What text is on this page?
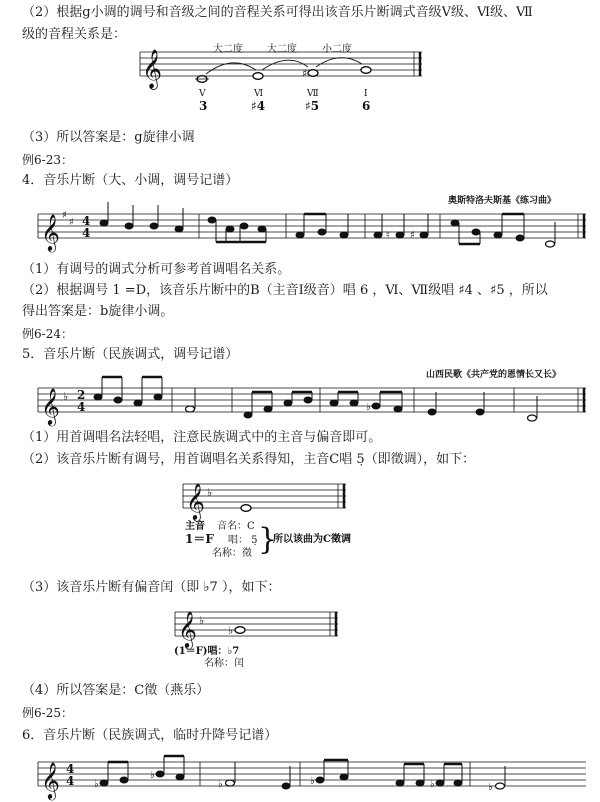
（2）根据g小调的调号和音级之间的音程关系可得出该音乐片断调式音级Ⅴ级、Ⅵ级、Ⅶ
级的音程关系是：
𝄞	大二度 大二度	小二度
♯
Ⅴ	Ⅵ	Ⅶ	Ⅰ
3	♯4	♯5	6
（3）所以答案是：g旋律小调
例6-23：
4．音乐片断（大、小调，调号记谱）
奥斯特洛夫斯基《练习曲》
𝄞 ♯
♯ 4
4	♯
♮
（1）有调号的调式分析可参考首调唱名关系。
（2）根据调号 1 =D，该音乐片断中的B（主音Ⅰ级音）唱 6 ，Ⅵ、Ⅶ级唱 ♯4 、♯5 ，所以
得出答案是：b旋律小调。
例6-24：
5．音乐片断（民族调式，调号记谱）
山西民歌《共产党的恩情长又长》
𝄞 ♭ 2
4	♭
（1）用首调唱名法轻唱，注意民族调式中的主音与偏音即可。
（2）该音乐片断有调号，用首调唱名关系得知，主音C唱 5̣（即徵调），如下：
𝄞 ♭
主音 音名：C
1＝F 唱： 5̣
名称：徵 }
所以该曲为C徵调
（3）该音乐片断有偏音闰（即 ♭7 ），如下：
𝄞 ♭
♭
(1＝F)唱：♭7
名称：闰
（4）所以答案是：C徵（燕乐）
例6-25：
6．音乐片断（民族调式，临时升降号记谱）
𝄞 4
4 ♭
♭
♭	♭	♭	♭
